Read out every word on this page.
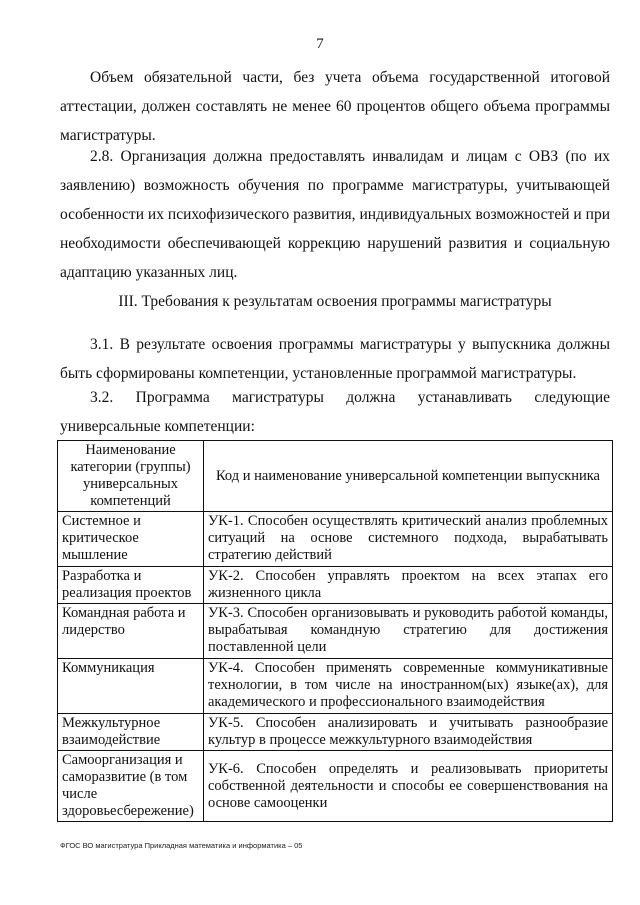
7
Объем обязательной части, без учета объема государственной итоговой аттестации, должен составлять не менее 60 процентов общего объема программы магистратуры.
2.8. Организация должна предоставлять инвалидам и лицам с ОВЗ (по их заявлению) возможность обучения по программе магистратуры, учитывающей особенности их психофизического развития, индивидуальных возможностей и при необходимости обеспечивающей коррекцию нарушений развития и социальную адаптацию указанных лиц.
III. Требования к результатам освоения программы магистратуры
3.1. В результате освоения программы магистратуры у выпускника должны быть сформированы компетенции, установленные программой магистратуры.
3.2. Программа магистратуры должна устанавливать следующие универсальные компетенции:
Наименование категории (группы) универсальных компетенций	Код и наименование универсальной компетенции выпускника
Системное и критическое мышление	УК-1. Способен осуществлять критический анализ проблемных ситуаций на основе системного подхода, вырабатывать стратегию действий
Разработка и реализация проектов	УК-2. Способен управлять проектом на всех этапах его жизненного цикла
Командная работа и лидерство	УК-3. Способен организовывать и руководить работой команды, вырабатывая командную стратегию для достижения поставленной цели
Коммуникация	УК-4. Способен применять современные коммуникативные технологии, в том числе на иностранном(ых) языке(ах), для академического и профессионального взаимодействия
Межкультурное взаимодействие	УК-5. Способен анализировать и учитывать разнообразие культур в процессе межкультурного взаимодействия
Самоорганизация и саморазвитие (в том числе здоровьесбережение)	УК-6. Способен определять и реализовывать приоритеты собственной деятельности и способы ее совершенствования на основе самооценки
ФГОС ВО магистратура Прикладная математика и информатика – 05
